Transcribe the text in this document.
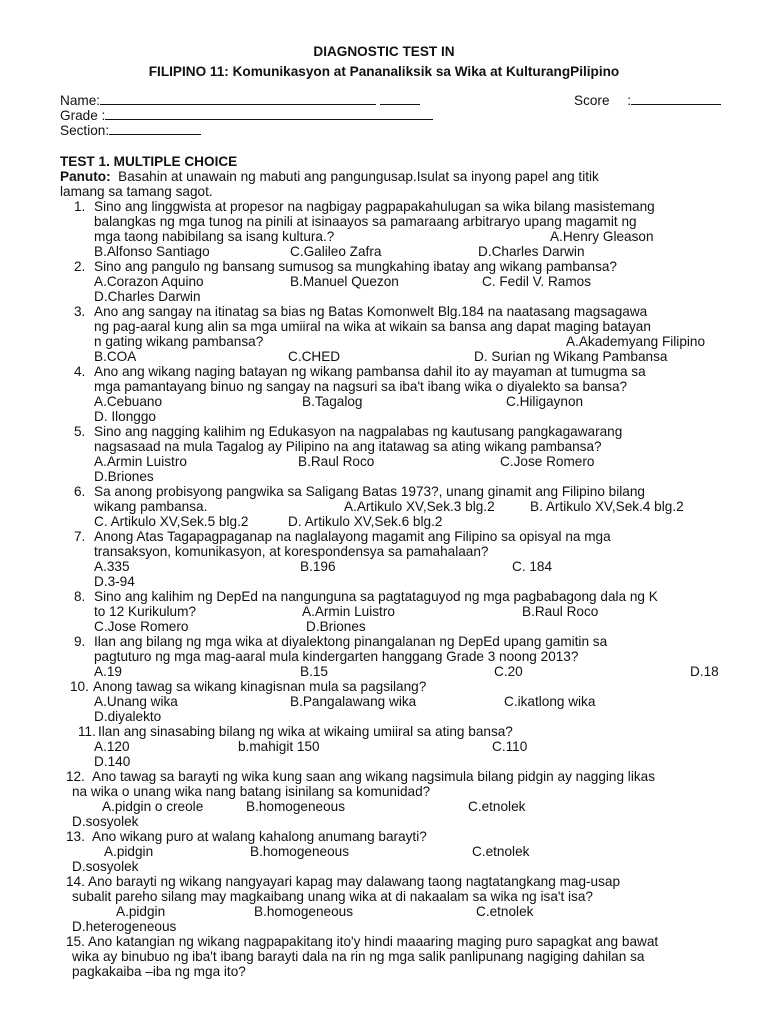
DIAGNOSTIC TEST IN
FILIPINO 11: Komunikasyon at Pananaliksik sa Wika at KulturangPilipino
Name:	Score :
Grade :
Section:
TEST 1. MULTIPLE CHOICE
Panuto: Basahin at unawain ng mabuti ang pangungusap.Isulat sa inyong papel ang titik
lamang sa tamang sagot.
1. Sino ang linggwista at propesor na nagbigay pagpapakahulugan sa wika bilang masistemang
balangkas ng mga tunog na pinili at isinaayos sa pamaraang arbitraryo upang magamit ng
mga taong nabibilang sa isang kultura.?	A.Henry Gleason
B.Alfonso Santiago	C.Galileo Zafra	D.Charles Darwin
2. Sino ang pangulo ng bansang sumusog sa mungkahing ibatay ang wikang pambansa?
A.Corazon Aquino	B.Manuel Quezon	C. Fedil V. Ramos
D.Charles Darwin
3. Ano ang sangay na itinatag sa bias ng Batas Komonwelt Blg.184 na naatasang magsagawa
ng pag-aaral kung alin sa mga umiiral na wika at wikain sa bansa ang dapat maging batayan
n gating wikang pambansa?	A.Akademyang Filipino
B.COA	C.CHED	D. Surian ng Wikang Pambansa
4. Ano ang wikang naging batayan ng wikang pambansa dahil ito ay mayaman at tumugma sa
mga pamantayang binuo ng sangay na nagsuri sa iba't ibang wika o diyalekto sa bansa?
A.Cebuano	B.Tagalog	C.Hiligaynon
D. Ilonggo
5. Sino ang nagging kalihim ng Edukasyon na nagpalabas ng kautusang pangkagawarang
nagsasaad na mula Tagalog ay Pilipino na ang itatawag sa ating wikang pambansa?
A.Armin Luistro	B.Raul Roco	C.Jose Romero
D.Briones
6. Sa anong probisyong pangwika sa Saligang Batas 1973?, unang ginamit ang Filipino bilang
wikang pambansa.	A.Artikulo XV,Sek.3 blg.2	B. Artikulo XV,Sek.4 blg.2
C. Artikulo XV,Sek.5 blg.2	D. Artikulo XV,Sek.6 blg.2
7. Anong Atas Tagapagpaganap na naglalayong magamit ang Filipino sa opisyal na mga
transaksyon, komunikasyon, at korespondensya sa pamahalaan?
A.335	B.196	C. 184
D.3-94
8. Sino ang kalihim ng DepEd na nangunguna sa pagtataguyod ng mga pagbabagong dala ng K
to 12 Kurikulum?	A.Armin Luistro	B.Raul Roco
C.Jose Romero	D.Briones
9. Ilan ang bilang ng mga wika at diyalektong pinangalanan ng DepEd upang gamitin sa
pagtuturo ng mga mag-aaral mula kindergarten hanggang Grade 3 noong 2013?
A.19	B.15	C.20	D.18
10. Anong tawag sa wikang kinagisnan mula sa pagsilang?
A.Unang wika	B.Pangalawang wika	C.ikatlong wika
D.diyalekto
11. Ilan ang sinasabing bilang ng wika at wikaing umiiral sa ating bansa?
A.120	b.mahigit 150	C.110
D.140
12. Ano tawag sa barayti ng wika kung saan ang wikang nagsimula bilang pidgin ay nagging likas
na wika o unang wika nang batang isinilang sa komunidad?
A.pidgin o creole	B.homogeneous	C.etnolek
D.sosyolek
13. Ano wikang puro at walang kahalong anumang barayti?
A.pidgin	B.homogeneous	C.etnolek
D.sosyolek
14. Ano barayti ng wikang nangyayari kapag may dalawang taong nagtatangkang mag-usap
subalit pareho silang may magkaibang unang wika at di nakaalam sa wika ng isa't isa?
A.pidgin	B.homogeneous	C.etnolek
D.heterogeneous
15. Ano katangian ng wikang nagpapakitang ito'y hindi maaaring maging puro sapagkat ang bawat
wika ay binubuo ng iba't ibang barayti dala na rin ng mga salik panlipunang nagiging dahilan sa
pagkakaiba –iba ng mga ito?
